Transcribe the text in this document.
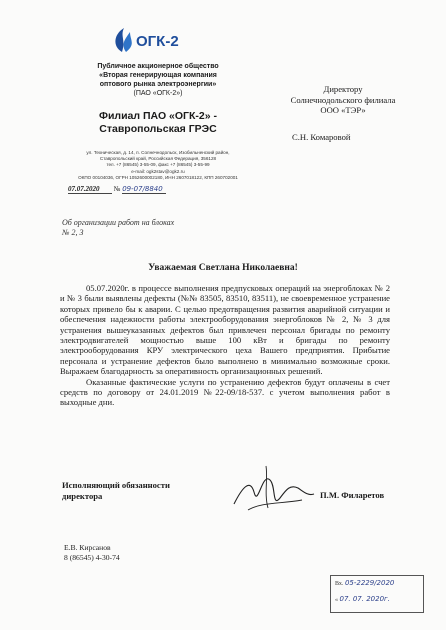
ОГК-2
Публичное акционерное общество
«Вторая генерирующая компания
оптового рынка электроэнергии»
(ПАО «ОГК-2»)
Филиал ПАО «ОГК-2» -
Ставропольская ГРЭС
ул. Техническая, д. 14, п. Солнечнодольск, Изобильненский район,
Ставропольский край, Российская Федерация, 356128
тел. +7 (86545) 3-55-09, факс +7 (86545) 3-55-99
e-mail: ogk2stav@ogk2.ru
ОКПО 00104036, ОГРН 1052600002180, ИНН 2607018122, КПП 260702001
07.07.2020 № 09-07/8840
Об организации работ на блоках
№ 2, 3
Директору
Солнечнодольского филиала
ООО «ТЭР»
С.Н. Комаровой
Уважаемая Светлана Николаевна!

05.07.2020г. в процессе выполнения предпусковых операций на энергоблоках № 2 и № 3 были выявлены дефекты (№№ 83505, 83510, 83511), не своевременное устранение которых привело бы к аварии. С целью предотвращения развития аварийной ситуации и обеспечения надежности работы электрооборудования энергоблоков № 2, № 3 для устранения вышеуказанных дефектов был привлечен персонал бригады по ремонту электродвигателей мощностью выше 100 кВт и бригады по ремонту электрооборудования КРУ электрического цеха Вашего предприятия. Прибытие персонала и устранение дефектов было выполнено в минимально возможные сроки. Выражаем благодарность за оперативность организационных решений.

Оказанные фактические услуги по устранению дефектов будут оплачены в счет средств по договору от 24.01.2019 №22-09/18-537. с учетом выполнения работ в выходные дни.

Исполняющий обязанности
директора	П.М. Филаретов
Е.В. Кирсанов
8 (86545) 4-30-74
Вх. 05-2229/2020
« 07. 07. 2020г.
